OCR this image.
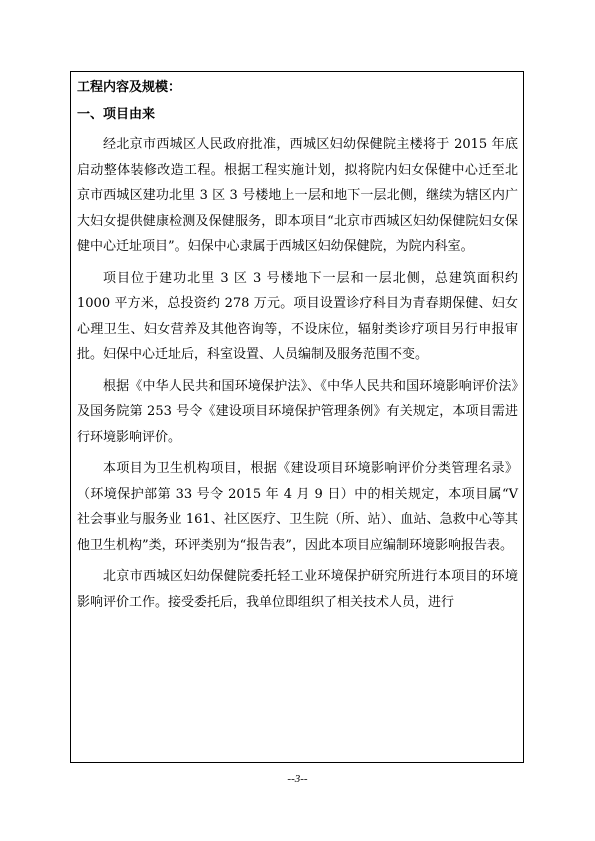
工程内容及规模：
一、项目由来

经北京市西城区人民政府批准，西城区妇幼保健院主楼将于 2015 年底启动整体装修改造工程。根据工程实施计划，拟将院内妇女保健中心迁至北京市西城区建功北里 3 区 3 号楼地上一层和地下一层北侧，继续为辖区内广大妇女提供健康检测及保健服务，即本项目“北京市西城区妇幼保健院妇女保健中心迁址项目”。妇保中心隶属于西城区妇幼保健院，为院内科室。

项目位于建功北里 3 区 3 号楼地下一层和一层北侧，总建筑面积约 1000 平方米，总投资约 278 万元。项目设置诊疗科目为青春期保健、妇女心理卫生、妇女营养及其他咨询等，不设床位，辐射类诊疗项目另行申报审批。妇保中心迁址后，科室设置、人员编制及服务范围不变。

根据《中华人民共和国环境保护法》、《中华人民共和国环境影响评价法》及国务院第 253 号令《建设项目环境保护管理条例》有关规定，本项目需进行环境影响评价。

本项目为卫生机构项目，根据《建设项目环境影响评价分类管理名录》（环境保护部第 33 号令 2015 年 4 月 9 日）中的相关规定，本项目属“V 社会事业与服务业 161、社区医疗、卫生院（所、站）、血站、急救中心等其他卫生机构”类，环评类别为“报告表”，因此本项目应编制环境影响报告表。

北京市西城区妇幼保健院委托轻工业环境保护研究所进行本项目的环境影响评价工作。接受委托后，我单位即组织了相关技术人员，进行

--3--
